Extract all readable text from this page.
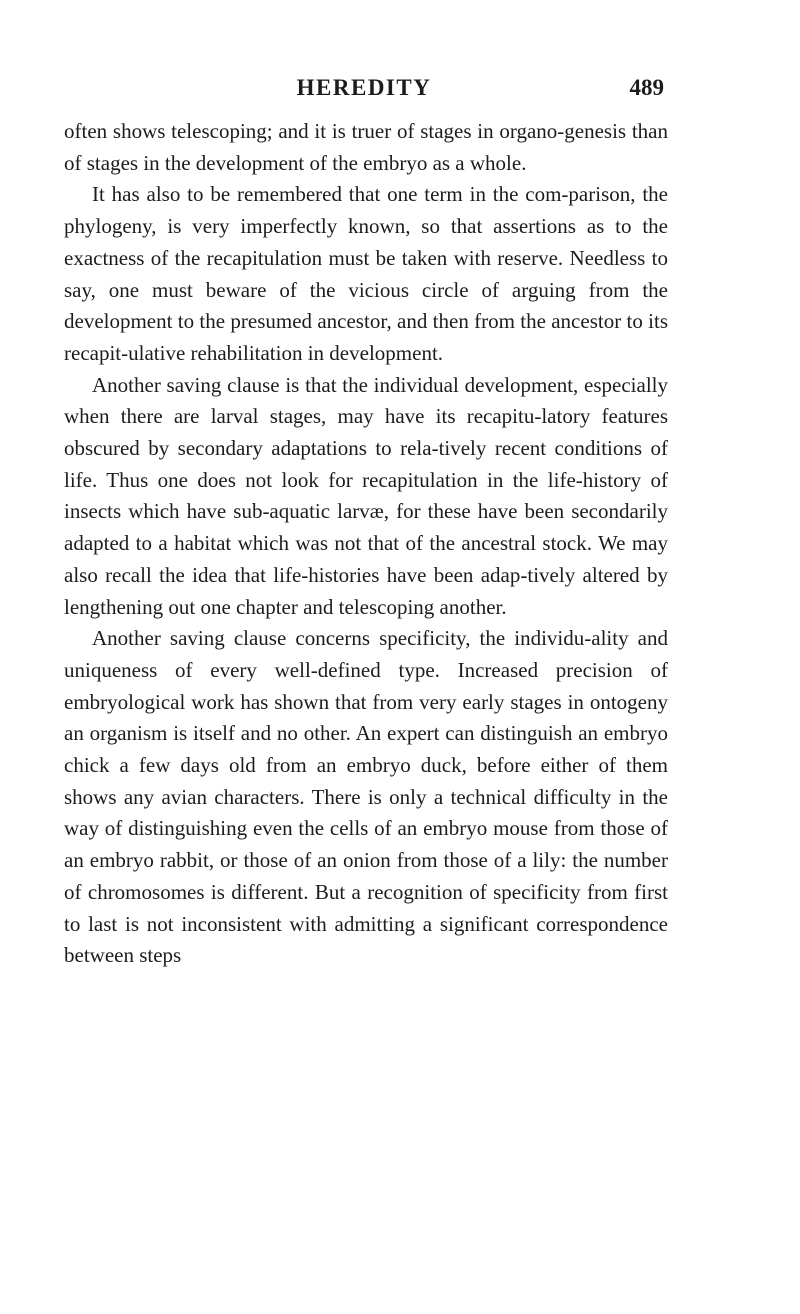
HEREDITY	489

often shows telescoping; and it is truer of stages in organo-genesis than of stages in the development of the embryo as a whole.

It has also to be remembered that one term in the com-parison, the phylogeny, is very imperfectly known, so that assertions as to the exactness of the recapitulation must be taken with reserve. Needless to say, one must beware of the vicious circle of arguing from the development to the presumed ancestor, and then from the ancestor to its recapit-ulative rehabilitation in development.

Another saving clause is that the individual development, especially when there are larval stages, may have its recapitu-latory features obscured by secondary adaptations to rela-tively recent conditions of life. Thus one does not look for recapitulation in the life-history of insects which have sub-aquatic larvæ, for these have been secondarily adapted to a habitat which was not that of the ancestral stock. We may also recall the idea that life-histories have been adap-tively altered by lengthening out one chapter and telescoping another.

Another saving clause concerns specificity, the individu-ality and uniqueness of every well-defined type. Increased precision of embryological work has shown that from very early stages in ontogeny an organism is itself and no other. An expert can distinguish an embryo chick a few days old from an embryo duck, before either of them shows any avian characters. There is only a technical difficulty in the way of distinguishing even the cells of an embryo mouse from those of an embryo rabbit, or those of an onion from those of a lily: the number of chromosomes is different. But a recognition of specificity from first to last is not inconsistent with admitting a significant correspondence between steps
